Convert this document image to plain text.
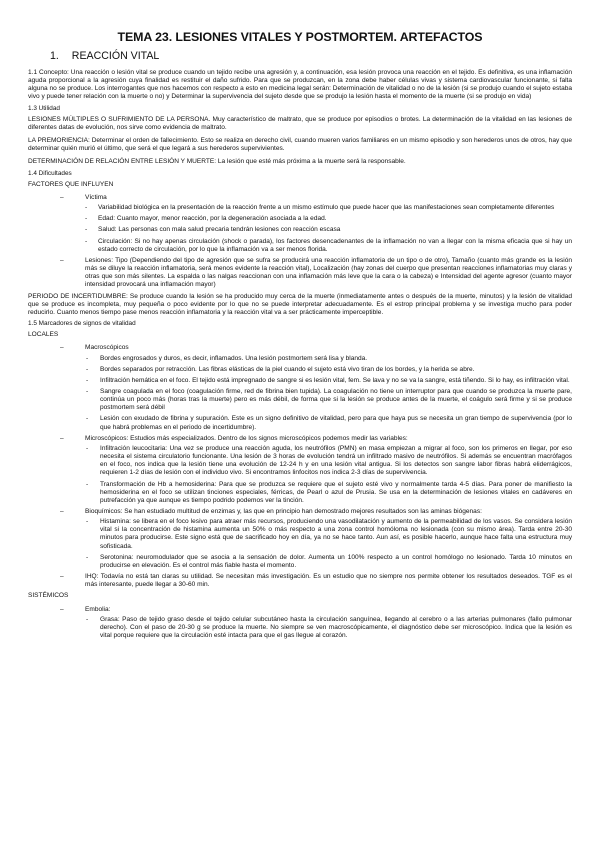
TEMA 23. LESIONES VITALES Y POSTMORTEM. ARTEFACTOS
1. REACCIÓN VITAL

1.1 Concepto: Una reacción o lesión vital se produce cuando un tejido recibe una agresión y, a continuación, esa lesión provoca una reacción en el tejido. Es definitiva, es una inflamación aguda proporcional a la agresión cuya finalidad es restituir el daño sufrido. Para que se produzcan, en la zona debe haber células vivas y sistema cardiovascular funcionante, si falta alguna no se produce. Los interrogantes que nos hacemos con respecto a esto en medicina legal serán: Determinación de vitalidad o no de la lesión (si se produjo cuando el sujeto estaba vivo y puede tener relación con la muerte o no) y Determinar la supervivencia del sujeto desde que se produjo la lesión hasta el momento de la muerte (si se produjo en vida)

1.3 Utilidad

LESIONES MÚLTIPLES O SUFRIMIENTO DE LA PERSONA. Muy característico de maltrato, que se produce por episodios o brotes. La determinación de la vitalidad en las lesiones de diferentes datas de evolución, nos sirve como evidencia de maltrato.

LA PREMORIENCIA: Determinar el orden de fallecimiento. Esto se realiza en derecho civil, cuando mueren varios familiares en un mismo episodio y son herederos unos de otros, hay que determinar quién murió el último, que será el que legará a sus herederos supervivientes.

DETERMINACIÓN DE RELACIÓN ENTRE LESIÓN Y MUERTE: La lesión que esté más próxima a la muerte será la responsable.

1.4 Dificultades

FACTORES QUE INFLUYEN

– Víctima
- Variabilidad biológica en la presentación de la reacción frente a un mismo estímulo que puede hacer que las manifestaciones sean completamente diferentes
- Edad: Cuanto mayor, menor reacción, por la degeneración asociada a la edad.
- Salud: Las personas con mala salud precaria tendrán lesiones con reacción escasa
- Circulación: Si no hay apenas circulación (shock o parada), los factores desencadenantes de la inflamación no van a llegar con la misma eficacia que si hay un estado correcto de circulación, por lo que la inflamación va a ser menos florida.
– Lesiones: Tipo (Dependiendo del tipo de agresión que se sufra se producirá una reacción inflamatoria de un tipo o de otro), Tamaño (cuanto más grande es la lesión más se diluye la reacción inflamatoria, será menos evidente la reacción vital), Localización (hay zonas del cuerpo que presentan reacciones inflamatorias muy claras y otras que son más silentes. La espalda o las nalgas reaccionan con una inflamación más leve que la cara o la cabeza) e Intensidad del agente agresor (cuanto mayor intensidad provocará una inflamación mayor)

PERIODO DE INCERTIDUMBRE: Se produce cuando la lesión se ha producido muy cerca de la muerte (inmediatamente antes o después de la muerte, minutos) y la lesión de vitalidad que se produce es incompleta, muy pequeña o poco evidente por lo que no se puede interpretar adecuadamente. Es el estrop principal problema y se investiga mucho para poder reducirlo. Cuanto menos tiempo pase menos reacción inflamatoria y la reacción vital va a ser prácticamente imperceptible.

1.5 Marcadores de signos de vitalidad

LOCALES

– Macroscópicos
- Bordes engrosados y duros, es decir, inflamados. Una lesión postmortem será lisa y blanda.
- Bordes separados por retracción. Las fibras elásticas de la piel cuando el sujeto está vivo tiran de los bordes, y la herida se abre.
- Infiltración hemática en el foco. El tejido está impregnado de sangre si es lesión vital, fem. Se lava y no se va la sangre, está tiñendo. Si lo hay, es infiltración vital.
- Sangre coagulada en el foco (coagulación firme, red de fibrina bien tupida). La coagulación no tiene un interruptor para que cuando se produzca la muerte pare, continúa un poco más (horas tras la muerte) pero es más débil, de forma que si la lesión se produce antes de la muerte, el coágulo será firme y si se produce postmortem será débil
- Lesión con exudado de fibrina y supuración. Este es un signo definitivo de vitalidad, pero para que haya pus se necesita un gran tiempo de supervivencia (por lo que habrá problemas en el periodo de incertidumbre).
– Microscópicos: Estudios más especializados. Dentro de los signos microscópicos podemos medir las variables:
- Infiltración leucocitaria: Una vez se produce una reacción aguda, los neutrófilos (PMN) en masa empiezan a migrar al foco, son los primeros en llegar, por eso necesita el sistema circulatorio funcionante. Una lesión de 3 horas de evolución tendrá un infiltrado masivo de neutrófilos. Si además se encuentran macrófagos en el foco, nos indica que la lesión tiene una evolución de 12-24 h y en una lesión vital antigua. Si los detectos son sangre labor fibras habrá eliderrágicos, requieren 1-2 días de lesión con el individuo vivo. Si encontramos linfocitos nos indica 2-3 días de supervivencia.
- Transformación de Hb a hemosiderina: Para que se produzca se requiere que el sujeto esté vivo y normalmente tarda 4-5 días. Para poner de manifiesto la hemosiderina en el foco se utilizan tinciones especiales, férricas, de Pearl o azul de Prusia. Se usa en la determinación de lesiones vitales en cadáveres en putrefacción ya que aunque es tiempo podrido podemos ver la tinción.
– Bioquímicos: Se han estudiado multitud de enzimas y, las que en principio han demostrado mejores resultados son las aminas biógenas:
- Histamina: se libera en el foco lesivo para atraer más recursos, produciendo una vasodilatación y aumento de la permeabilidad de los vasos. Se considera lesión vital si la concentración de histamina aumenta un 50% o más respecto a una zona control homóloma no lesionada (con su mismo área). Tarda entre 20-30 minutos para producirse. Este signo está que de sacrificado hoy en día, ya no se hace tanto. Aun así, es posible hacerlo, aunque hace falta una estructura muy sofisticada.
- Serotonina: neuromodulador que se asocia a la sensación de dolor. Aumenta un 100% respecto a un control homólogo no lesionado. Tarda 10 minutos en producirse en elevación. Es el control más fiable hasta el momento.
– IHQ: Todavía no está tan claras su utilidad. Se necesitan más investigación. Es un estudio que no siempre nos permite obtener los resultados deseados. TGF es el más interesante, puede llegar a 30-60 min.

SISTÉMICOS

– Embolia:
- Grasa: Paso de tejido graso desde el tejido celular subcutáneo hasta la circulación sanguínea, llegando al cerebro o a las arterias pulmonares (fallo pulmonar derecho). Con el paso de 20-30 g se produce la muerte. No siempre se ven macroscópicamente, el diagnóstico debe ser microscópico. Indica que la lesión es vital porque requiere que la circulación esté intacta para que el gas llegue al corazón.
